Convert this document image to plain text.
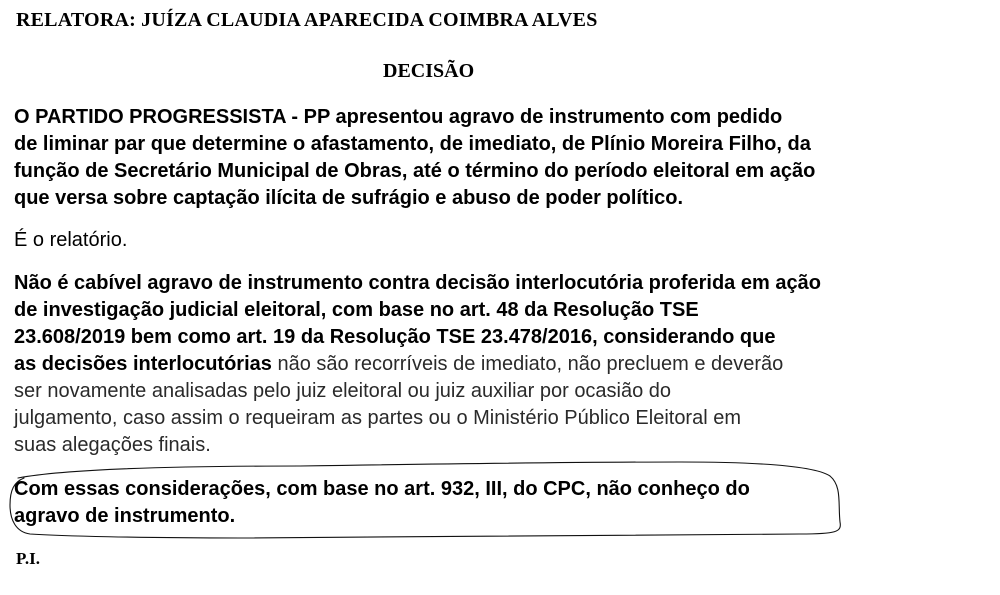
RELATORA: JUÍZA CLAUDIA APARECIDA COIMBRA ALVES
DECISÃO
O PARTIDO PROGRESSISTA - PP apresentou agravo de instrumento com pedido
de liminar par que determine o afastamento, de imediato, de Plínio Moreira Filho, da
função de Secretário Municipal de Obras, até o término do período eleitoral em ação
que versa sobre captação ilícita de sufrágio e abuso de poder político.
É o relatório.
Não é cabível agravo de instrumento contra decisão interlocutória proferida em ação
de investigação judicial eleitoral, com base no art. 48 da Resolução TSE
23.608/2019 bem como art. 19 da Resolução TSE 23.478/2016, considerando que
as decisões interlocutórias não são recorríveis de imediato, não precluem e deverão
ser novamente analisadas pelo juiz eleitoral ou juiz auxiliar por ocasião do
julgamento, caso assim o requeiram as partes ou o Ministério Público Eleitoral em
suas alegações finais.
Com essas considerações, com base no art. 932, III, do CPC, não conheço do
agravo de instrumento.
P.I.
